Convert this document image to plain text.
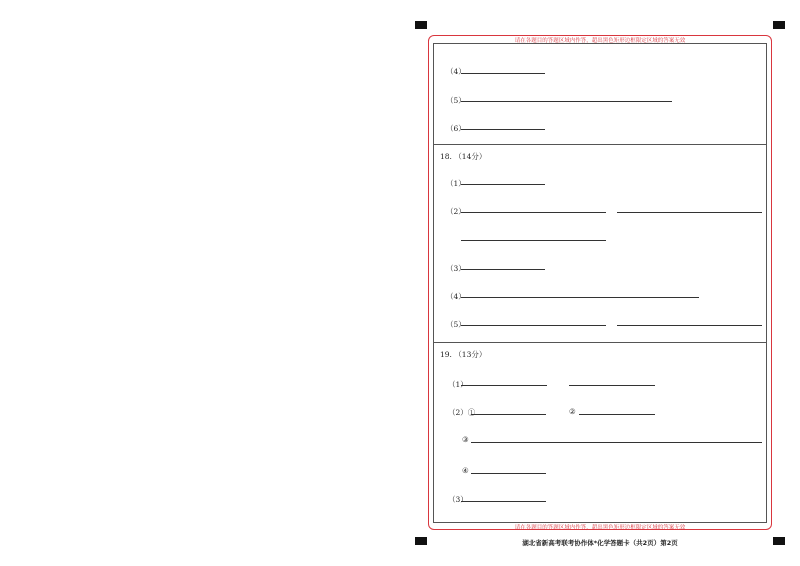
请在各题目的答题区域内作答，超出黑色矩形边框限定区域的答案无效
请在各题目的答题区域内作答，超出黑色矩形边框限定区域的答案无效
（4）
（5）
（6）
18. （14分）
（1）
（2）
（3）
（4）
（5）
19. （13分）
（1）
（2）①	②
③
④
（3）
湖北省新高考联考协作体*化学答题卡（共2页）第2页
